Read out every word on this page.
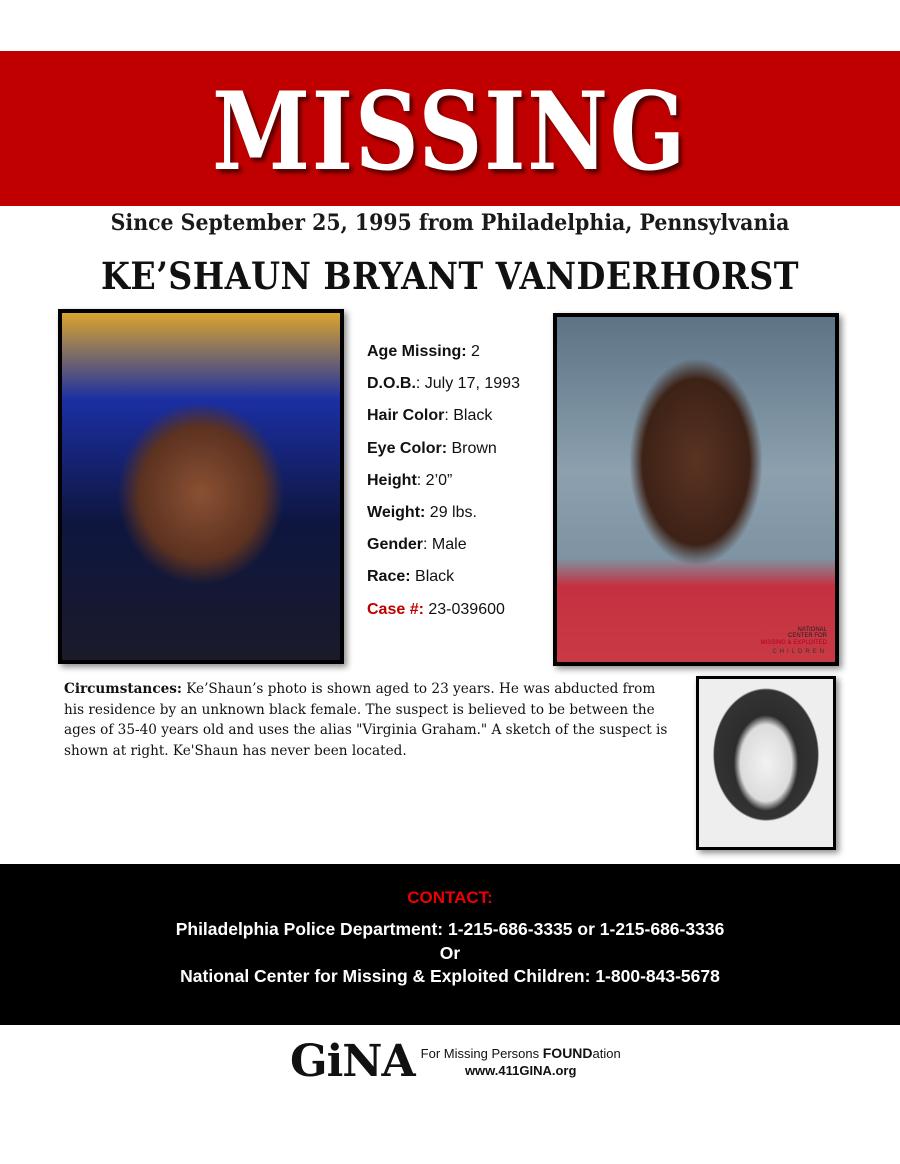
MISSING
Since September 25, 1995 from Philadelphia, Pennsylvania
KE’SHAUN BRYANT VANDERHORST
NATIONAL
CENTER FOR
MISSING & EXPLOITED
CHILDREN
Age Missing: 2
D.O.B.: July 17, 1993
Hair Color: Black
Eye Color: Brown
Height: 2’0”
Weight: 29 lbs.
Gender: Male
Race: Black
Case #: 23-039600
Circumstances: Ke’Shaun’s photo is shown aged to 23 years. He was abducted from his residence by an unknown black female. The suspect is believed to be between the ages of 35-40 years old and uses the alias "Virginia Graham." A sketch of the suspect is shown at right. Ke'Shaun has never been located.
CONTACT:
Philadelphia Police Department: 1-215-686-3335 or 1-215-686-3336
Or
National Center for Missing & Exploited Children: 1-800-843-5678
GiNA For Missing Persons FOUNDation
www.411GINA.org
